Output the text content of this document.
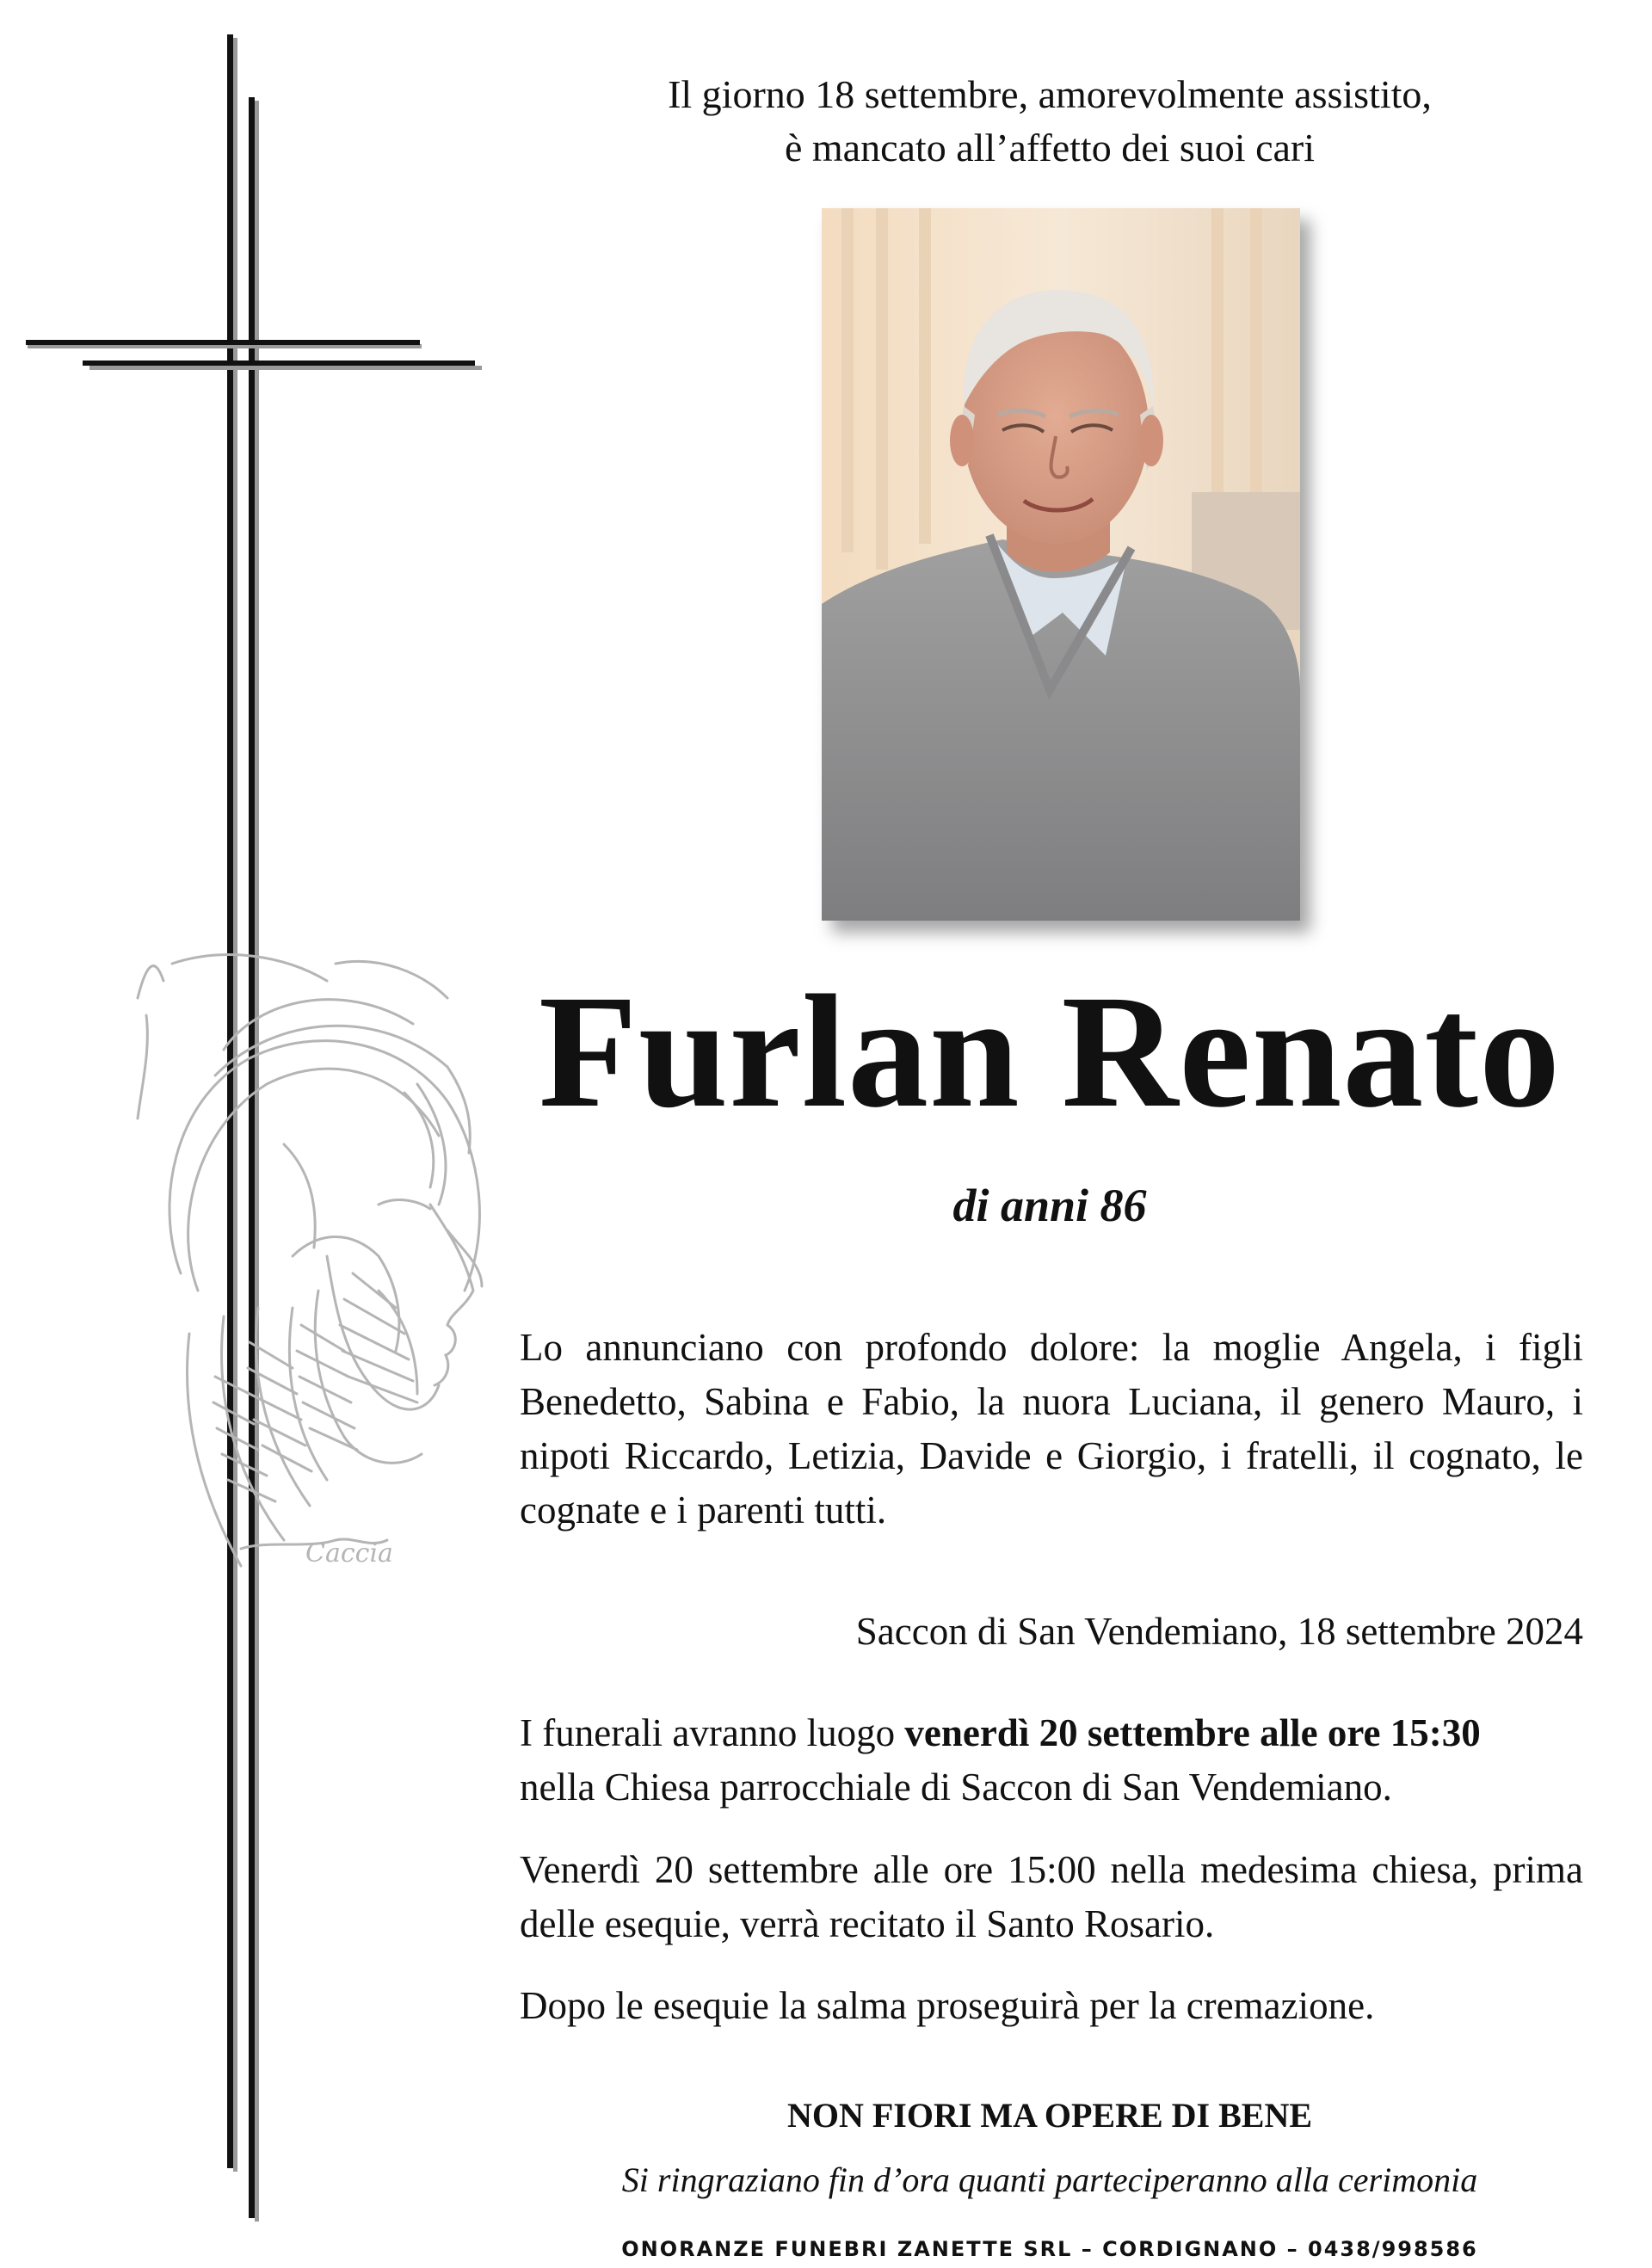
Caccia
Il giorno 18 settembre, amorevolmente assistito,
è mancato all’affetto dei suoi cari
Furlan Renato
di anni 86
Lo annunciano con profondo dolore: la moglie Angela, i figli Benedetto, Sabina e Fabio, la nuora Luciana, il genero Mauro, i nipoti Riccardo, Letizia, Davide e Giorgio, i fratelli, il cognato, le cognate e i parenti tutti.
Saccon di San Vendemiano, 18 settembre 2024
I funerali avranno luogo venerdì 20 settembre alle ore 15:30
nella Chiesa parrocchiale di Saccon di San Vendemiano.
Venerdì 20 settembre alle ore 15:00 nella medesima chiesa, prima delle esequie, verrà recitato il Santo Rosario.
Dopo le esequie la salma proseguirà per la cremazione.
NON FIORI MA OPERE DI BENE
Si ringraziano fin d’ora quanti parteciperanno alla cerimonia
ONORANZE FUNEBRI ZANETTE SRL – CORDIGNANO – 0438/998586
